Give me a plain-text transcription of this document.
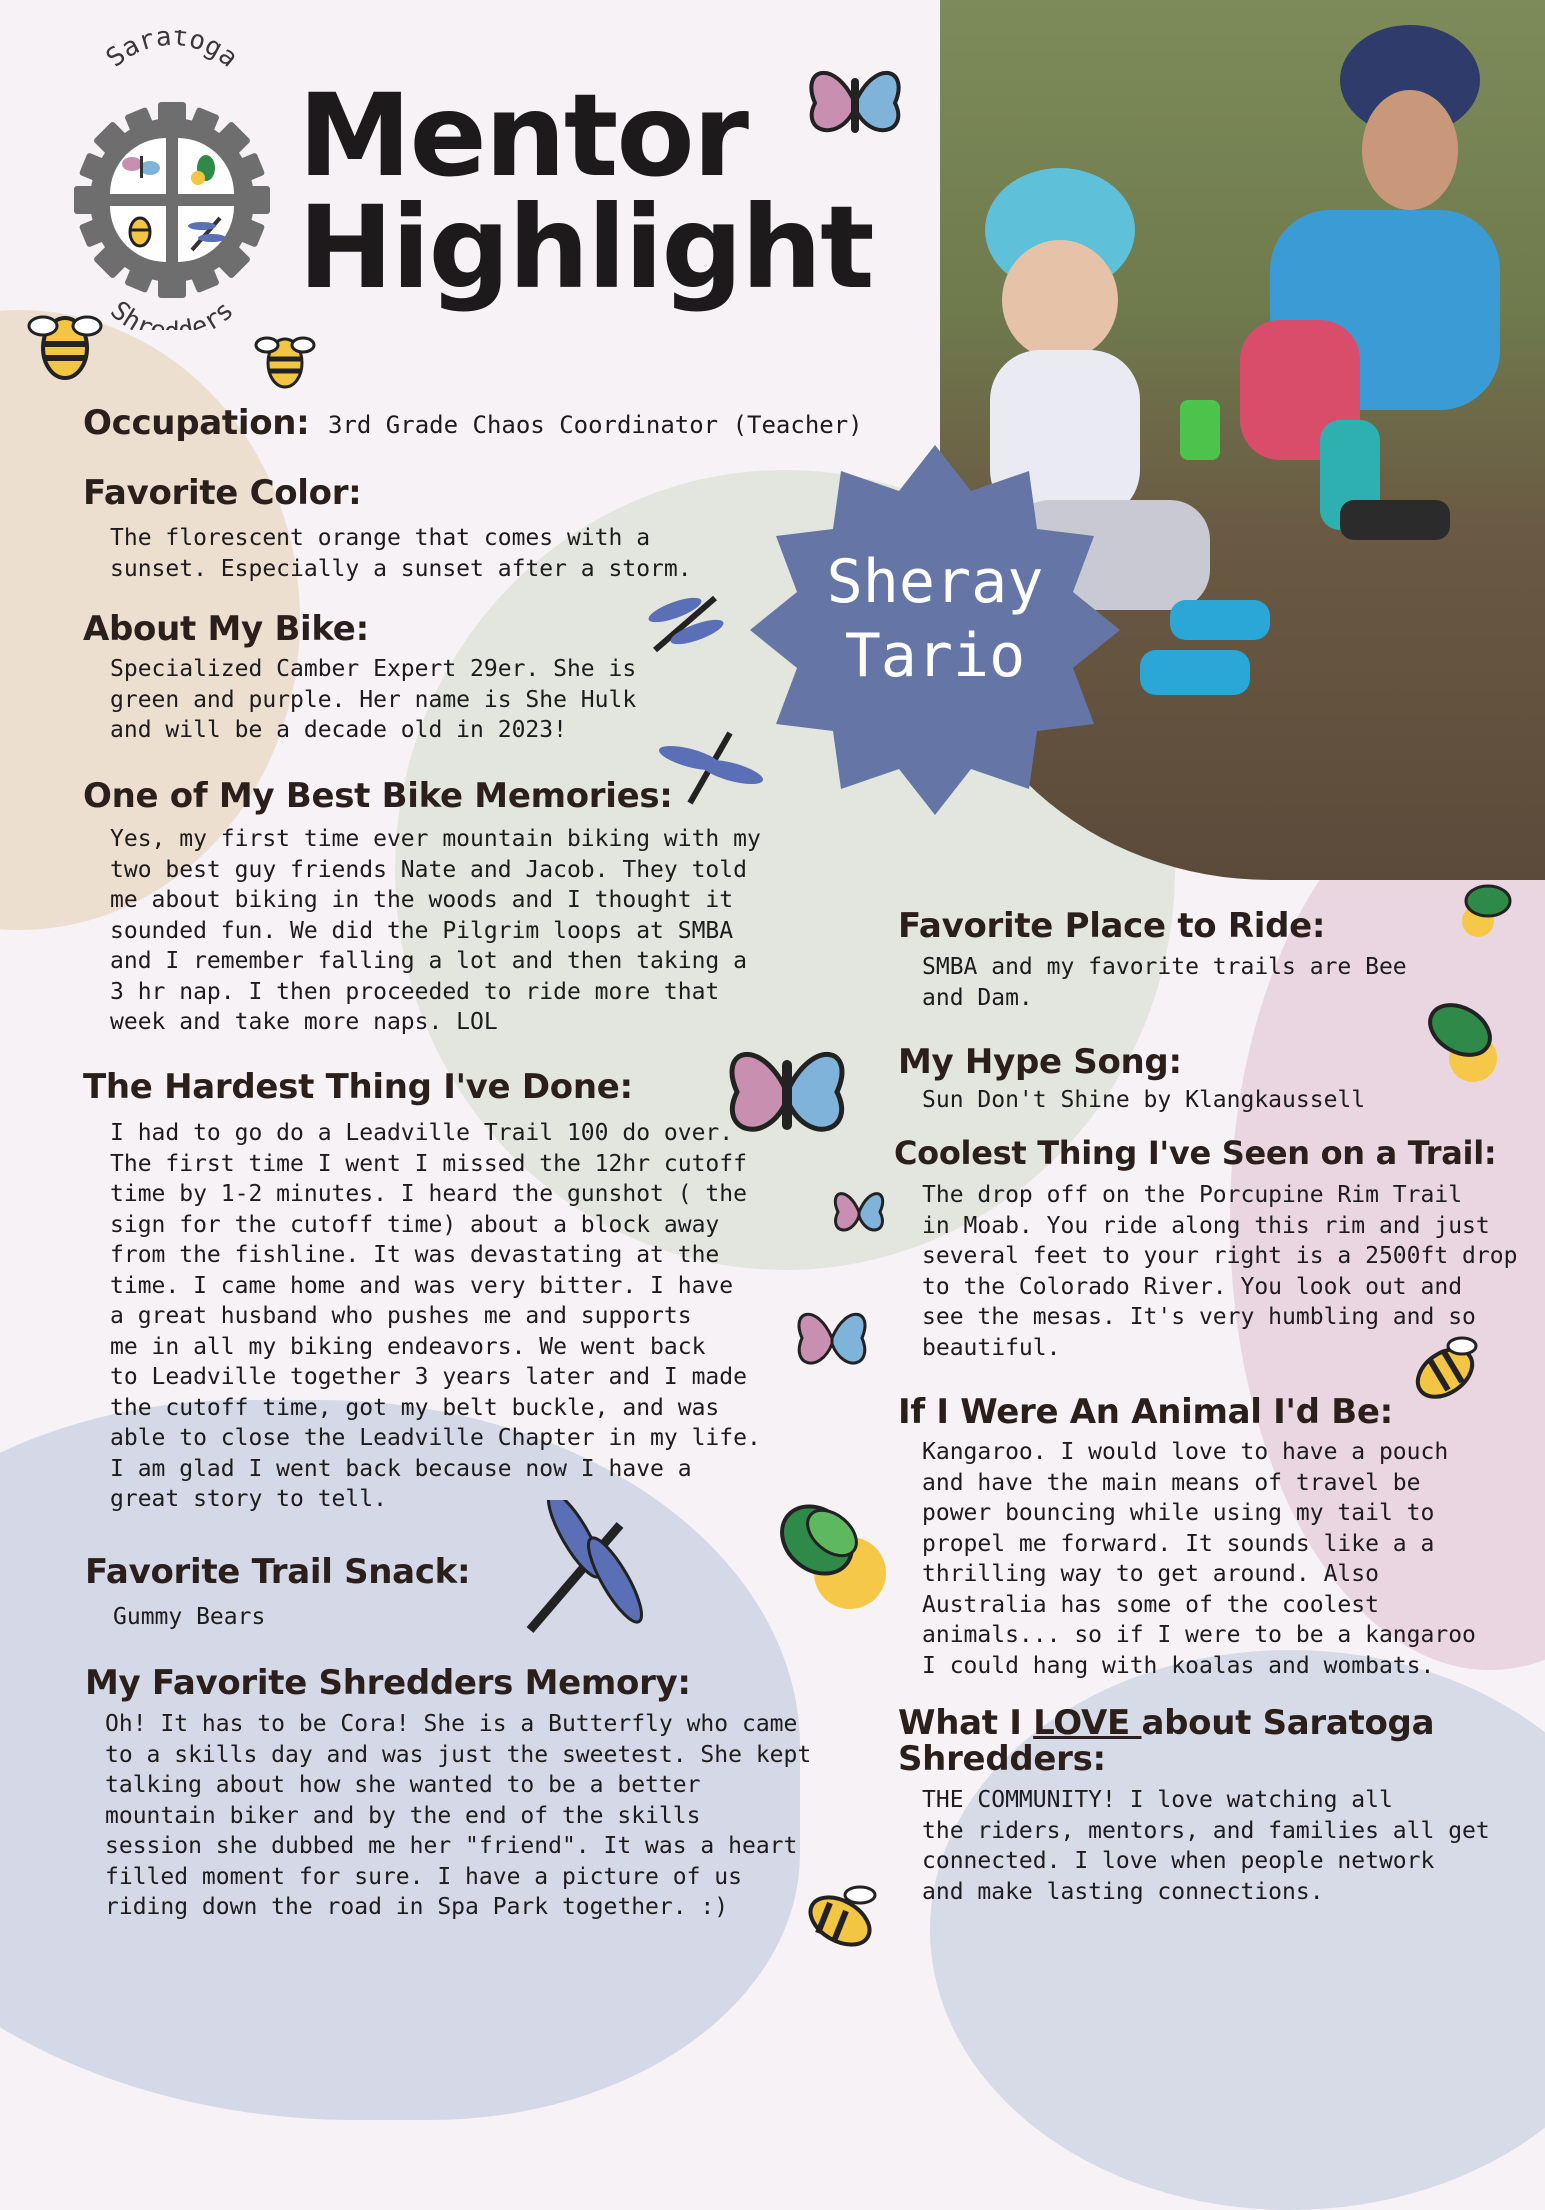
Saratoga
Shr ers
Mentor
Highlight
Sheray
Tario
Occupation: 3rd Grade Chaos Coordinator (Teacher)
Favorite Color:
The florescent orange that comes with a
sunset. Especially a sunset after a storm.
About My Bike:
Specialized Camber Expert 29er. She is
green and purple. Her name is She Hulk
and will be a decade old in 2023!
One of My Best Bike Memories:
Yes, my first time ever mountain biking with my
two best guy friends Nate and Jacob. They told
me about biking in the woods and I thought it
sounded fun. We did the Pilgrim loops at SMBA
and I remember falling a lot and then taking a
3 hr nap. I then proceeded to ride more that
week and take more naps. LOL
The Hardest Thing I've Done:
I had to go do a Leadville Trail 100 do over.
The first time I went I missed the 12hr cutoff
time by 1-2 minutes. I heard the gunshot ( the
sign for the cutoff time) about a block away
from the fishline. It was devastating at the
time. I came home and was very bitter. I have
a great husband who pushes me and supports
me in all my biking endeavors. We went back
to Leadville together 3 years later and I made
the cutoff time, got my belt buckle, and was
able to close the Leadville Chapter in my life.
I am glad I went back because now I have a
great story to tell.
Favorite Trail Snack:
Gummy Bears
My Favorite Shredders Memory:
Oh! It has to be Cora! She is a Butterfly who came
to a skills day and was just the sweetest. She kept
talking about how she wanted to be a better
mountain biker and by the end of the skills
session she dubbed me her "friend". It was a heart
filled moment for sure. I have a picture of us
riding down the road in Spa Park together. :)
Favorite Place to Ride:
SMBA and my favorite trails are Bee
and Dam.
My Hype Song:
Sun Don't Shine by Klangkaussell
Coolest Thing I've Seen on a Trail:
The drop off on the Porcupine Rim Trail
in Moab. You ride along this rim and just
several feet to your right is a 2500ft drop
to the Colorado River. You look out and
see the mesas. It's very humbling and so
beautiful.
If I Were An Animal I'd Be:
Kangaroo. I would love to have a pouch
and have the main means of travel be
power bouncing while using my tail to
propel me forward. It sounds like a a
thrilling way to get around. Also
Australia has some of the coolest
animals... so if I were to be a kangaroo
I could hang with koalas and wombats.
What I LOVE about Saratoga
Shredders:
THE COMMUNITY! I love watching all
the riders, mentors, and families all get
connected. I love when people network
and make lasting connections.
